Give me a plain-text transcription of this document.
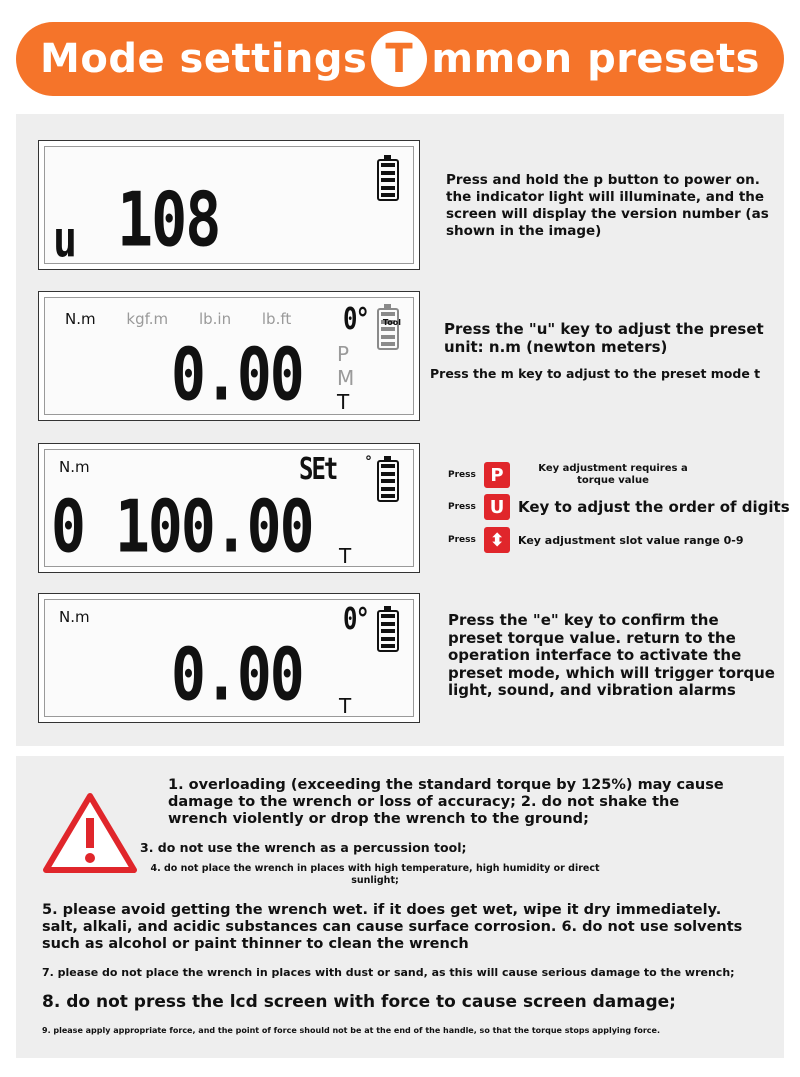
Mode settings T mmon presets
u 108	Press and hold the p button to power on. the indicator light will illuminate, and the screen will display the version number (as shown in the image)
N.m kgf.m lb.in lb.ft	0° Tool
0.00 P
M
T
Press the "u" key to adjust the preset unit: n.m (newton meters)
Press the m key to adjust to the preset mode t
N.m	SEt °
0 100.00 T
Press P	Key adjustment requires a torque value
Press U Key to adjust the order of digits
Press ⬍	Key adjustment slot value range 0-9
N.m	0°
0.00 T
Press the "e" key to confirm the preset torque value. return to the operation interface to activate the preset mode, which will trigger torque light, sound, and vibration alarms
1. overloading (exceeding the standard torque by 125%) may cause damage to the wrench or loss of accuracy; 2. do not shake the wrench violently or drop the wrench to the ground;
3. do not use the wrench as a percussion tool;
4. do not place the wrench in places with high temperature, high humidity or direct sunlight;
5. please avoid getting the wrench wet. if it does get wet, wipe it dry immediately. salt, alkali, and acidic substances can cause surface corrosion. 6. do not use solvents such as alcohol or paint thinner to clean the wrench
7. please do not place the wrench in places with dust or sand, as this will cause serious damage to the wrench;
8. do not press the lcd screen with force to cause screen damage;
9. please apply appropriate force, and the point of force should not be at the end of the handle, so that the torque stops applying force.
